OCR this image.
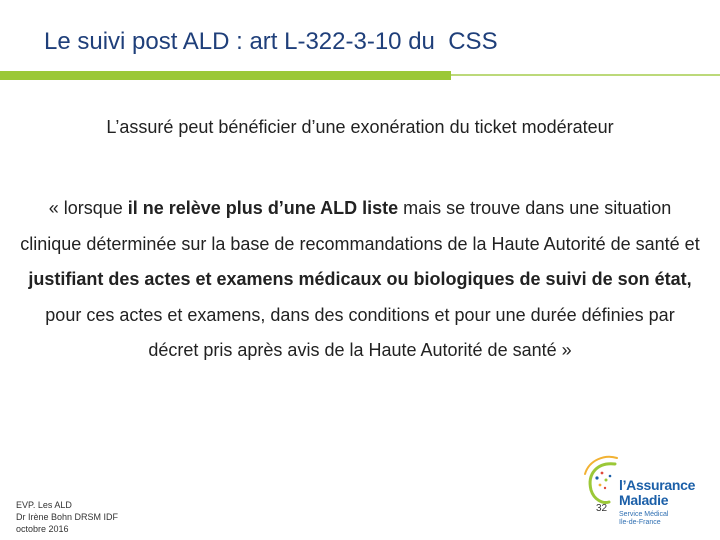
Le suivi post ALD : art L-322-3-10 du  CSS
L’assuré peut bénéficier d’une exonération du ticket modérateur
« lorsque il ne relève plus d’une ALD liste mais se trouve dans une situation clinique déterminée sur la base de recommandations de la Haute Autorité de santé et justifiant des actes et examens médicaux ou biologiques de suivi de son état, pour ces actes et examens, dans des conditions et pour une durée définies par décret pris après avis de la Haute Autorité de santé »
EVP. Les ALD
Dr Irène Bohn DRSM IDF
octobre 2016
32
l’Assurance
Maladie
Service Médical
Ile-de-France
